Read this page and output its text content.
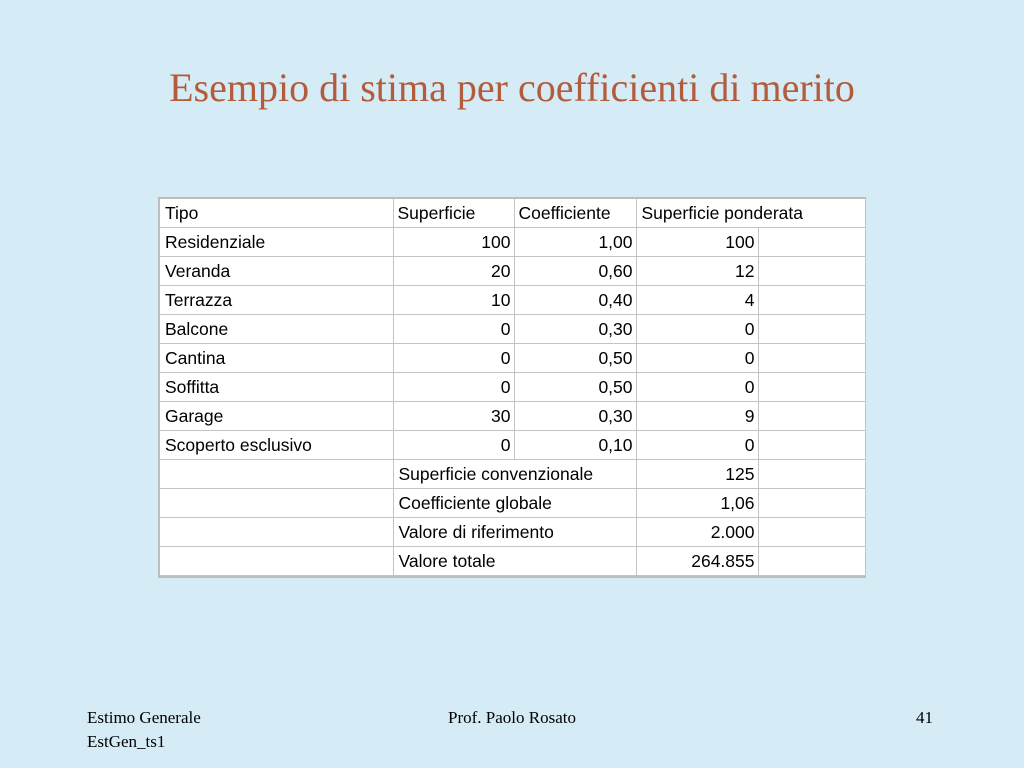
Esempio di stima per coefficienti di merito
Tipo	Superficie	Coefficiente	Superficie ponderata	
Residenziale	100	1,00	100	
Veranda	20	0,60	12	
Terrazza	10	0,40	4	
Balcone	0	0,30	0	
Cantina	0	0,50	0	
Soffitta	0	0,50	0	
Garage	30	0,30	9	
Scoperto esclusivo	0	0,10	0	
	Superficie convenzionale		125	
	Coefficiente globale		1,06	
	Valore di riferimento		2.000	
	Valore totale		264.855	
Estimo Generale
EstGen_ts1
Prof. Paolo Rosato	41
